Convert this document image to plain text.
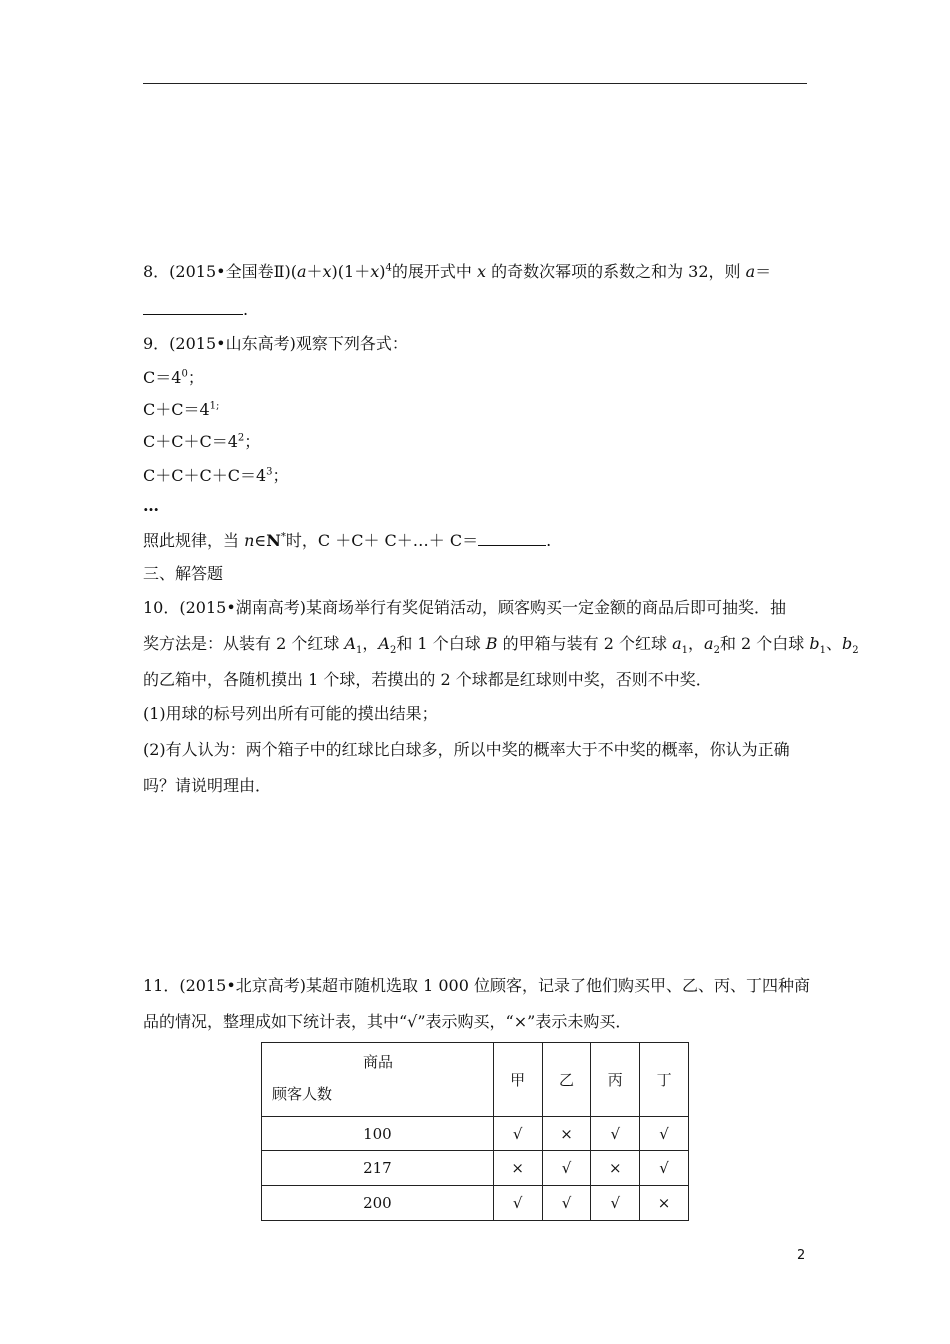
8．(2015•全国卷$Ⅱ)(a+x)(1+x)^4$的展开式中 x 的奇数次幂项的系数之和为 32，则 a＝
.
9．(2015•山东高考)观察下列各式：
$C=4^0$；
$C+C=4^{1;}$
$C+C+C=4^2$；
$C+C+C+C=4^3$；
…
照此规律，当 n∈N*时，C ＋C＋ C＋…＋ C＝	.
三、解答题
10．(2015•湖南高考)某商场举行有奖促销活动，顾客购买一定金额的商品后即可抽奖．抽
奖方法是：从装有 2 个红球 $A_1$，$A_2$和 1 个白球 B 的甲箱与装有 2 个红球 $a_1$，$a_2$和 2 个白球 $b_1$、$b_2$
的乙箱中，各随机摸出 1 个球，若摸出的 2 个球都是红球则中奖，否则不中奖．
(1)用球的标号列出所有可能的摸出结果；
(2)有人认为：两个箱子中的红球比白球多，所以中奖的概率大于不中奖的概率，你认为正确
吗？请说明理由．
11．(2015•北京高考)某超市随机选取 1 000 位顾客，记录了他们购买甲、乙、丙、丁四种商
品的情况，整理成如下统计表，其中“√”表示购买，“×”表示未购买．
商品
顾客人数	甲	乙	丙	丁
100	√	×	√	√
217	×	√	×	√
200	√	√	√	×
2
